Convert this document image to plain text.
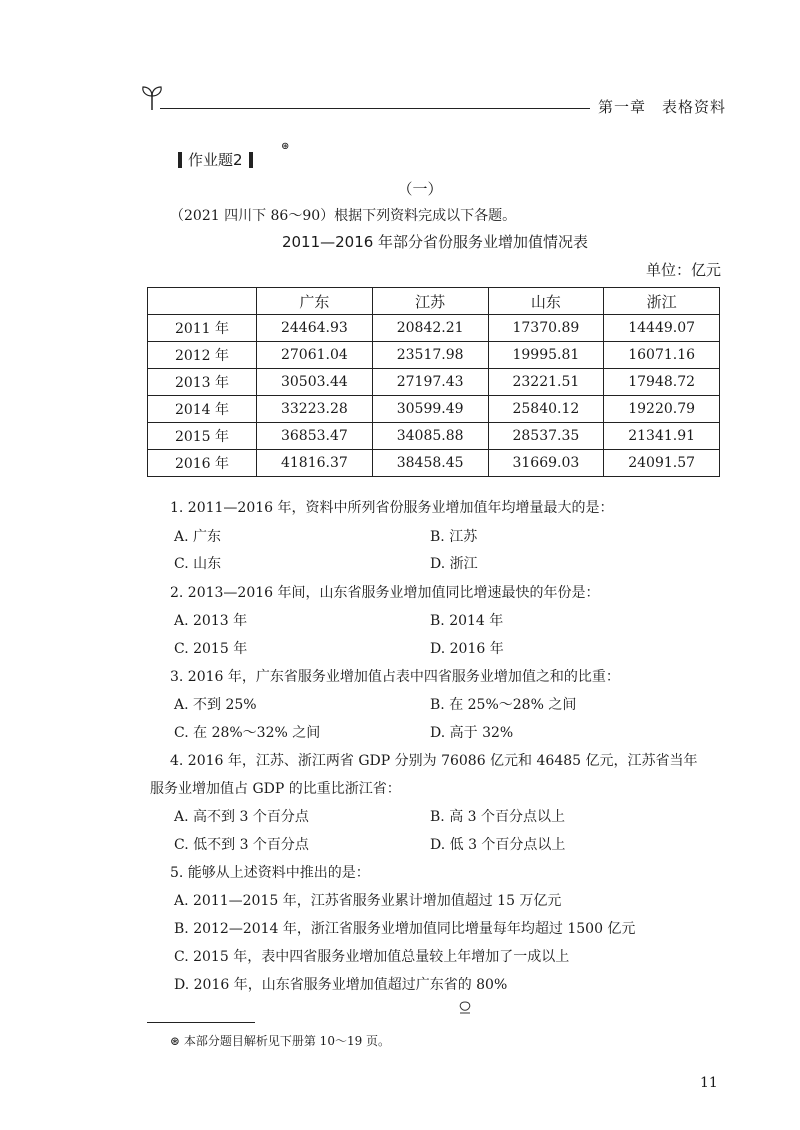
第一章　表格资料
作业题2
⊛
（一）
（2021 四川下 86～90）根据下列资料完成以下各题。
2011—2016 年部分省份服务业增加值情况表
单位：亿元
	广东	江苏	山东	浙江
2011 年	24464.93	20842.21	17370.89	14449.07
2012 年	27061.04	23517.98	19995.81	16071.16
2013 年	30503.44	27197.43	23221.51	17948.72
2014 年	33223.28	30599.49	25840.12	19220.79
2015 年	36853.47	34085.88	28537.35	21341.91
2016 年	41816.37	38458.45	31669.03	24091.57
1. 2011—2016 年，资料中所列省份服务业增加值年均增量最大的是：
A. 广东	B. 江苏
C. 山东	D. 浙江
2. 2013—2016 年间，山东省服务业增加值同比增速最快的年份是：
A. 2013 年	B. 2014 年
C. 2015 年	D. 2016 年
3. 2016 年，广东省服务业增加值占表中四省服务业增加值之和的比重：
A. 不到 25%	B. 在 25%～28% 之间
C. 在 28%～32% 之间	D. 高于 32%
4. 2016 年，江苏、浙江两省 GDP 分别为 76086 亿元和 46485 亿元，江苏省当年
服务业增加值占 GDP 的比重比浙江省：
A. 高不到 3 个百分点	B. 高 3 个百分点以上
C. 低不到 3 个百分点	D. 低 3 个百分点以上
5. 能够从上述资料中推出的是：
A. 2011—2015 年，江苏省服务业累计增加值超过 15 万亿元
B. 2012—2014 年，浙江省服务业增加值同比增量每年均超过 1500 亿元
C. 2015 年，表中四省服务业增加值总量较上年增加了一成以上
D. 2016 年，山东省服务业增加值超过广东省的 80%
⊛ 本部分题目解析见下册第 10～19 页。
11
